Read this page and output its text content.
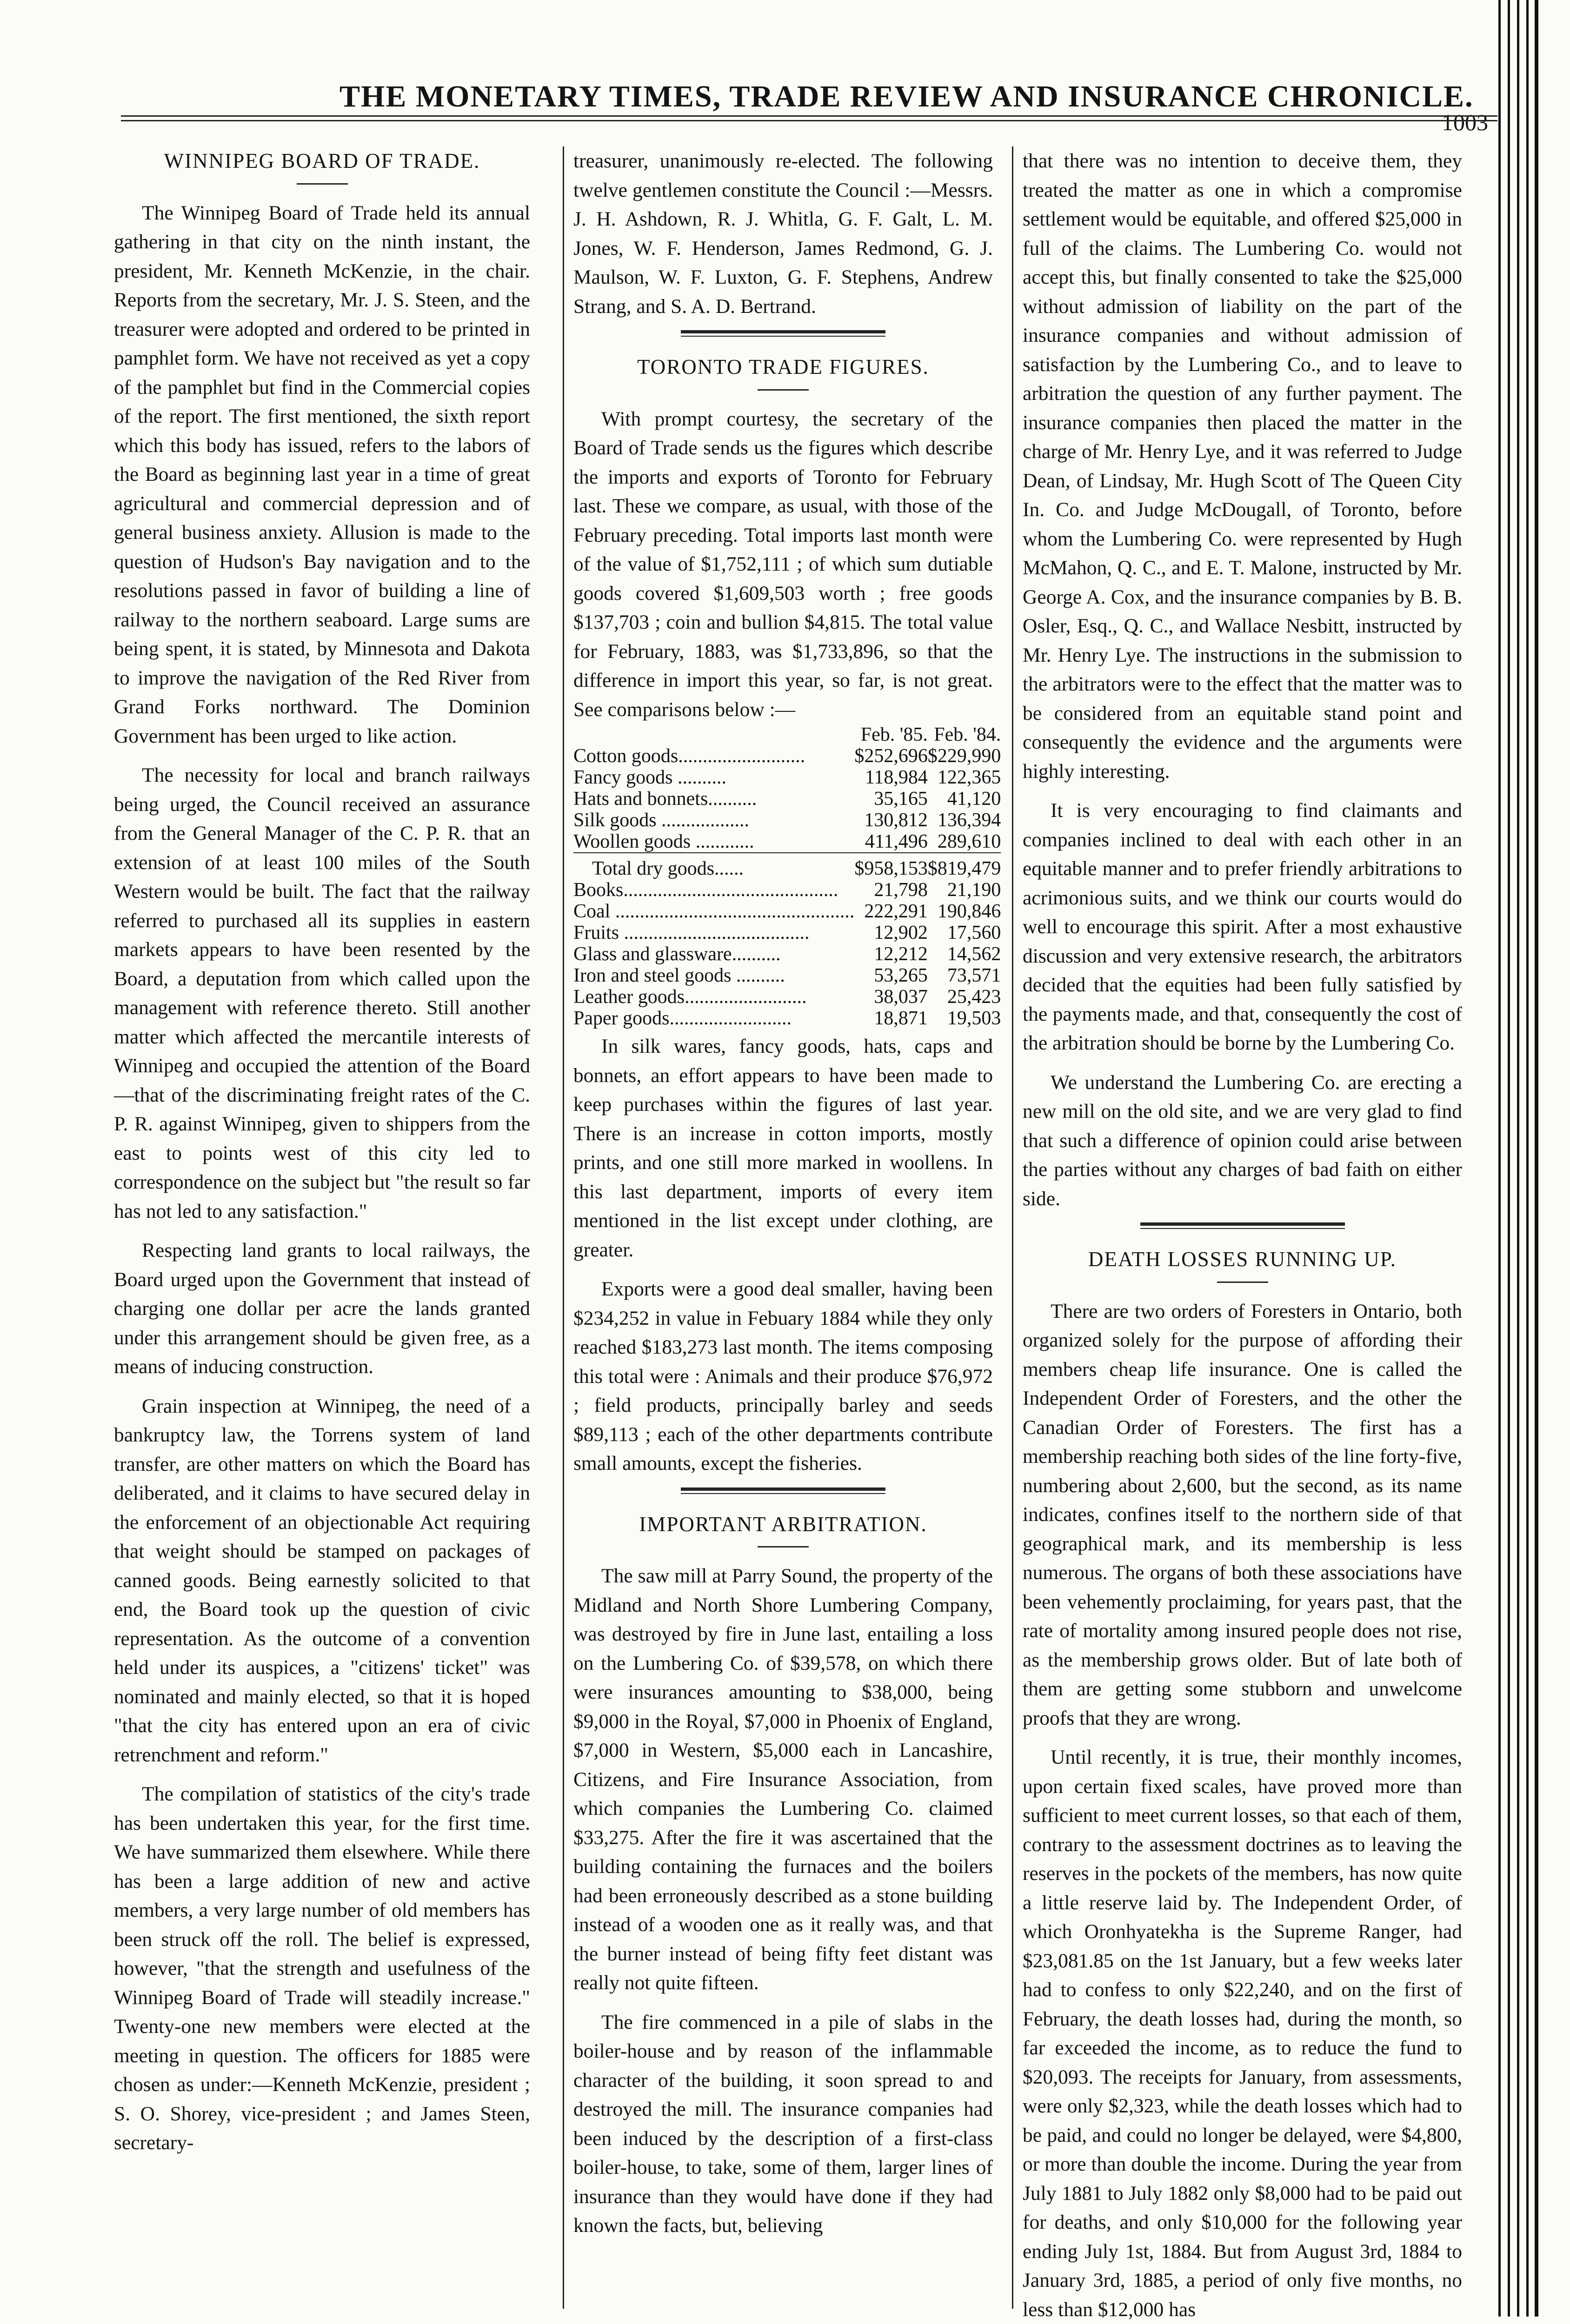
THE MONETARY TIMES, TRADE REVIEW AND INSURANCE CHRONICLE.
1003
WINNIPEG BOARD OF TRADE.

The Winnipeg Board of Trade held its annual gathering in that city on the ninth instant, the president, Mr. Kenneth McKenzie, in the chair. Reports from the secretary, Mr. J. S. Steen, and the treasurer were adopted and ordered to be printed in pamphlet form. We have not received as yet a copy of the pamphlet but find in the Commercial copies of the report. The first mentioned, the sixth report which this body has issued, refers to the labors of the Board as beginning last year in a time of great agricultural and commercial depression and of general business anxiety. Allusion is made to the question of Hudson's Bay navigation and to the resolutions passed in favor of building a line of railway to the northern seaboard. Large sums are being spent, it is stated, by Minnesota and Dakota to improve the navigation of the Red River from Grand Forks northward. The Dominion Government has been urged to like action.

The necessity for local and branch railways being urged, the Council received an assurance from the General Manager of the C. P. R. that an extension of at least 100 miles of the South Western would be built. The fact that the railway referred to purchased all its supplies in eastern markets appears to have been resented by the Board, a deputation from which called upon the management with reference thereto. Still another matter which affected the mercantile interests of Winnipeg and occupied the attention of the Board—that of the discriminating freight rates of the C. P. R. against Winnipeg, given to shippers from the east to points west of this city led to correspondence on the subject but "the result so far has not led to any satisfaction."

Respecting land grants to local railways, the Board urged upon the Government that instead of charging one dollar per acre the lands granted under this arrangement should be given free, as a means of inducing construction.

Grain inspection at Winnipeg, the need of a bankruptcy law, the Torrens system of land transfer, are other matters on which the Board has deliberated, and it claims to have secured delay in the enforcement of an objectionable Act requiring that weight should be stamped on packages of canned goods. Being earnestly solicited to that end, the Board took up the question of civic representation. As the outcome of a convention held under its auspices, a "citizens' ticket" was nominated and mainly elected, so that it is hoped "that the city has entered upon an era of civic retrenchment and reform."

The compilation of statistics of the city's trade has been undertaken this year, for the first time. We have summarized them elsewhere. While there has been a large addition of new and active members, a very large number of old members has been struck off the roll. The belief is expressed, however, "that the strength and usefulness of the Winnipeg Board of Trade will steadily increase." Twenty-one new members were elected at the meeting in question. The officers for 1885 were chosen as under:—Kenneth McKenzie, president ; S. O. Shorey, vice-president ; and James Steen, secretary-

treasurer, unanimously re-elected. The following twelve gentlemen constitute the Council :—Messrs. J. H. Ashdown, R. J. Whitla, G. F. Galt, L. M. Jones, W. F. Henderson, James Redmond, G. J. Maulson, W. F. Luxton, G. F. Stephens, Andrew Strang, and S. A. D. Bertrand.

TORONTO TRADE FIGURES.

With prompt courtesy, the secretary of the Board of Trade sends us the figures which describe the imports and exports of Toronto for February last. These we compare, as usual, with those of the February preceding. Total imports last month were of the value of $1,752,111 ; of which sum dutiable goods covered $1,609,503 worth ; free goods $137,703 ; coin and bullion $4,815. The total value for February, 1883, was $1,733,896, so that the difference in import this year, so far, is not great. See comparisons below :—

	Feb. '85.	Feb. '84.
Cotton goods..........................	$252,696	$229,990
Fancy goods ..........	118,984	122,365
Hats and bonnets..........	35,165	41,120
Silk goods ..................	130,812	136,394
Woollen goods ............	411,496	289,610

Total dry goods......	$958,153	$819,479
Books............................................	21,798	21,190
Coal .................................................	222,291	190,846
Fruits ......................................	12,902	17,560
Glass and glassware..........	12,212	14,562
Iron and steel goods ..........	53,265	73,571
Leather goods.........................	38,037	25,423
Paper goods.........................	18,871	19,503

In silk wares, fancy goods, hats, caps and bonnets, an effort appears to have been made to keep purchases within the figures of last year. There is an increase in cotton imports, mostly prints, and one still more marked in woollens. In this last department, imports of every item mentioned in the list except under clothing, are greater.

Exports were a good deal smaller, having been $234,252 in value in Febuary 1884 while they only reached $183,273 last month. The items composing this total were : Animals and their produce $76,972 ; field products, principally barley and seeds $89,113 ; each of the other departments contribute small amounts, except the fisheries.

IMPORTANT ARBITRATION.

The saw mill at Parry Sound, the property of the Midland and North Shore Lumbering Company, was destroyed by fire in June last, entailing a loss on the Lumbering Co. of $39,578, on which there were insurances amounting to $38,000, being $9,000 in the Royal, $7,000 in Phoenix of England, $7,000 in Western, $5,000 each in Lancashire, Citizens, and Fire Insurance Association, from which companies the Lumbering Co. claimed $33,275. After the fire it was ascertained that the building containing the furnaces and the boilers had been erroneously described as a stone building instead of a wooden one as it really was, and that the burner instead of being fifty feet distant was really not quite fifteen.

The fire commenced in a pile of slabs in the boiler-house and by reason of the inflammable character of the building, it soon spread to and destroyed the mill. The insurance companies had been induced by the description of a first-class boiler-house, to take, some of them, larger lines of insurance than they would have done if they had known the facts, but, believing

that there was no intention to deceive them, they treated the matter as one in which a compromise settlement would be equitable, and offered $25,000 in full of the claims. The Lumbering Co. would not accept this, but finally consented to take the $25,000 without admission of liability on the part of the insurance companies and without admission of satisfaction by the Lumbering Co., and to leave to arbitration the question of any further payment. The insurance companies then placed the matter in the charge of Mr. Henry Lye, and it was referred to Judge Dean, of Lindsay, Mr. Hugh Scott of The Queen City In. Co. and Judge McDougall, of Toronto, before whom the Lumbering Co. were represented by Hugh McMahon, Q. C., and E. T. Malone, instructed by Mr. George A. Cox, and the insurance companies by B. B. Osler, Esq., Q. C., and Wallace Nesbitt, instructed by Mr. Henry Lye. The instructions in the submission to the arbitrators were to the effect that the matter was to be considered from an equitable stand point and consequently the evidence and the arguments were highly interesting.

It is very encouraging to find claimants and companies inclined to deal with each other in an equitable manner and to prefer friendly arbitrations to acrimonious suits, and we think our courts would do well to encourage this spirit. After a most exhaustive discussion and very extensive research, the arbitrators decided that the equities had been fully satisfied by the payments made, and that, consequently the cost of the arbitration should be borne by the Lumbering Co.

We understand the Lumbering Co. are erecting a new mill on the old site, and we are very glad to find that such a difference of opinion could arise between the parties without any charges of bad faith on either side.

DEATH LOSSES RUNNING UP.

There are two orders of Foresters in Ontario, both organized solely for the purpose of affording their members cheap life insurance. One is called the Independent Order of Foresters, and the other the Canadian Order of Foresters. The first has a membership reaching both sides of the line forty-five, numbering about 2,600, but the second, as its name indicates, confines itself to the northern side of that geographical mark, and its membership is less numerous. The organs of both these associations have been vehemently proclaiming, for years past, that the rate of mortality among insured people does not rise, as the membership grows older. But of late both of them are getting some stubborn and unwelcome proofs that they are wrong.

Until recently, it is true, their monthly incomes, upon certain fixed scales, have proved more than sufficient to meet current losses, so that each of them, contrary to the assessment doctrines as to leaving the reserves in the pockets of the members, has now quite a little reserve laid by. The Independent Order, of which Oronhyatekha is the Supreme Ranger, had $23,081.85 on the 1st January, but a few weeks later had to confess to only $22,240, and on the first of February, the death losses had, during the month, so far exceeded the income, as to reduce the fund to $20,093. The receipts for January, from assessments, were only $2,323, while the death losses which had to be paid, and could no longer be delayed, were $4,800, or more than double the income. During the year from July 1881 to July 1882 only $8,000 had to be paid out for deaths, and only $10,000 for the following year ending July 1st, 1884. But from August 3rd, 1884 to January 3rd, 1885, a period of only five months, no less than $12,000 has
